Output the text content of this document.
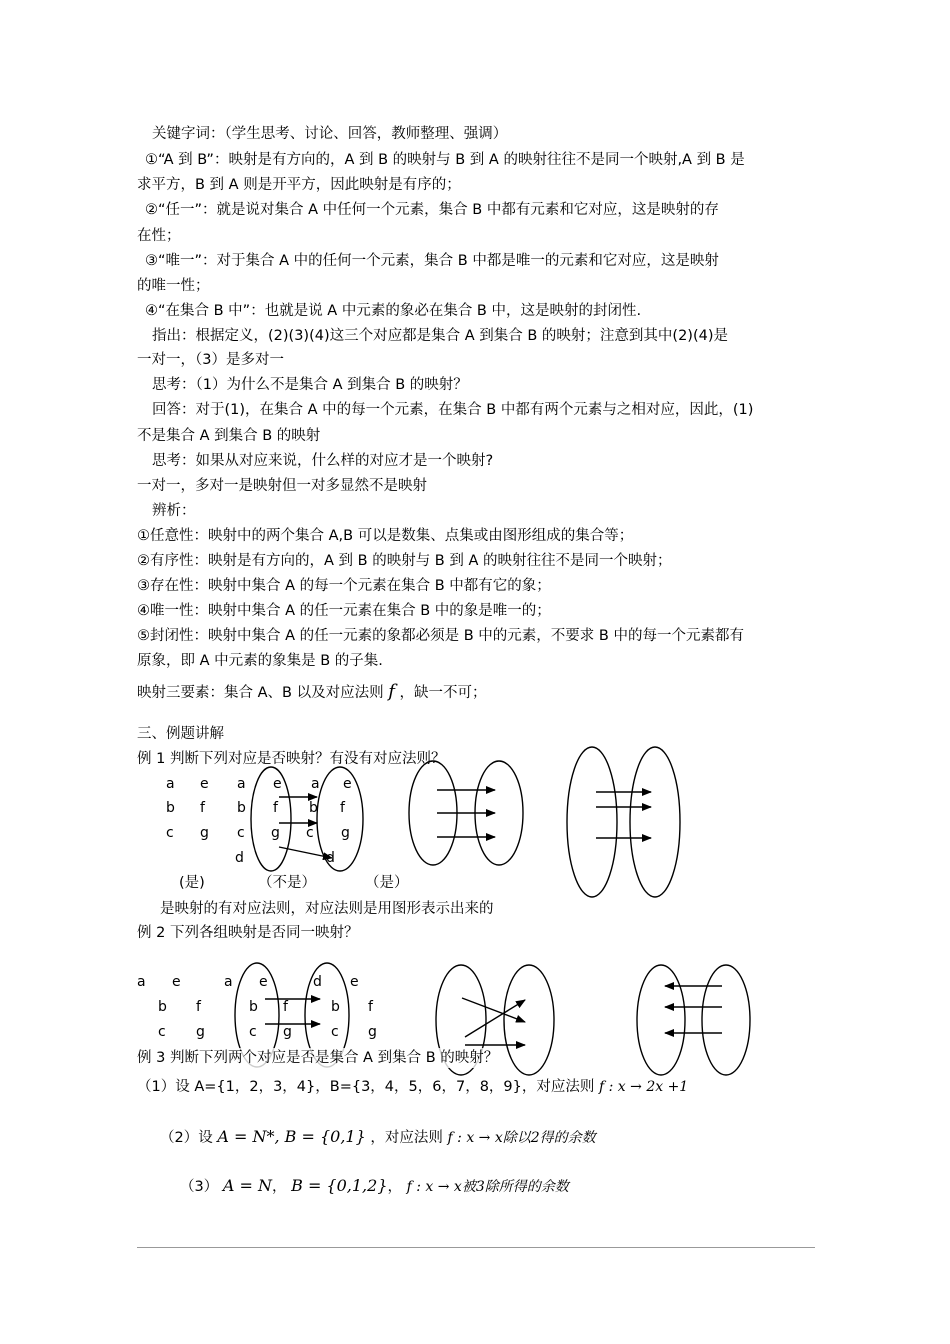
关键字词：（学生思考、讨论、回答，教师整理、强调）
①“A 到 B”：映射是有方向的，A 到 B 的映射与 B 到 A 的映射往往不是同一个映射,A 到 B 是
求平方，B 到 A 则是开平方，因此映射是有序的；
②“任一”：就是说对集合 A 中任何一个元素，集合 B 中都有元素和它对应，这是映射的存
在性；
③“唯一”：对于集合 A 中的任何一个元素，集合 B 中都是唯一的元素和它对应，这是映射
的唯一性；
④“在集合 B 中”：也就是说 A 中元素的象必在集合 B 中，这是映射的封闭性.
指出：根据定义，(2)(3)(4)这三个对应都是集合 A 到集合 B 的映射；注意到其中(2)(4)是
一对一，（3）是多对一
思考：（1）为什么不是集合 A 到集合 B 的映射？
回答：对于(1)，在集合 A 中的每一个元素，在集合 B 中都有两个元素与之相对应，因此，(1)
不是集合 A 到集合 B 的映射
思考：如果从对应来说，什么样的对应才是一个映射?
一对一，多对一是映射但一对多显然不是映射
辨析：
①任意性：映射中的两个集合 A,B 可以是数集、点集或由图形组成的集合等；
②有序性：映射是有方向的，A 到 B 的映射与 B 到 A 的映射往往不是同一个映射；
③存在性：映射中集合 A 的每一个元素在集合 B 中都有它的象；
④唯一性：映射中集合 A 的任一元素在集合 B 中的象是唯一的；
⑤封闭性：映射中集合 A 的任一元素的象都必须是 B 中的元素，不要求 B 中的每一个元素都有
原象，即 A 中元素的象集是 B 的子集.
映射三要素：集合 A、B 以及对应法则 f ，缺一不可；
三、例题讲解
例 1 判断下列对应是否映射？有没有对应法则？
a e a e a e
b f b f b f
c g c g c g
d	d
(是)	（不是）	（是）
是映射的有对应法则，对应法则是用图形表示出来的
例 2 下列各组映射是否同一映射？
a e	a e	d e
b f	b f	b f
c g	c g	c g
例 3 判断下列两个对应是否是集合 A 到集合 B 的映射？
（1）设 A={1，2，3，4}，B={3，4，5，6，7，8，9}，对应法则 f : x → 2x +1
（2）设 A = N*, B = {0,1} ，对应法则 f : x → x除以2得的余数
（3） A = N， B = {0,1,2}， f : x → x被3除所得的余数
